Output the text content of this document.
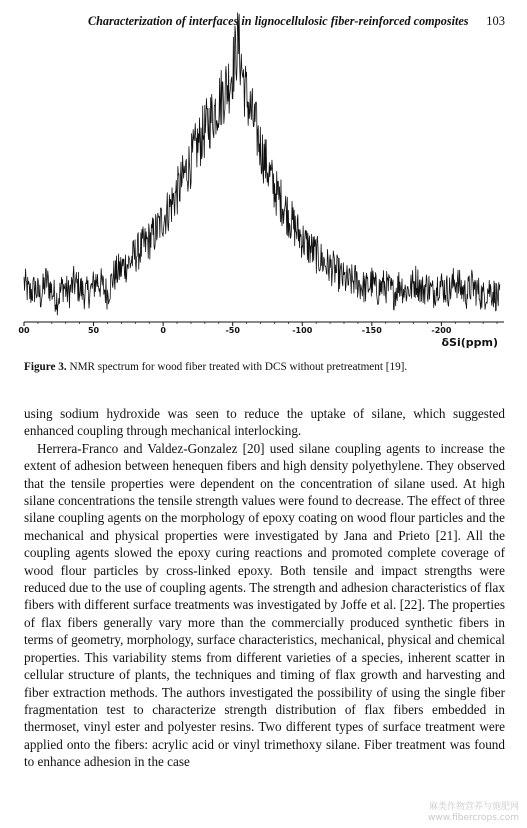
Characterization of interfaces in lignocellulosic fiber-reinforced composites 103
00	50	0	-50	-100	-150	-200
δSi(ppm)
Figure 3. NMR spectrum for wood fiber treated with DCS without pretreatment [19].

using sodium hydroxide was seen to reduce the uptake of silane, which suggested enhanced coupling through mechanical interlocking.

Herrera-Franco and Valdez-Gonzalez [20] used silane coupling agents to increase the extent of adhesion between henequen fibers and high density polyethylene. They observed that the tensile properties were dependent on the concentration of silane used. At high silane concentrations the tensile strength values were found to decrease. The effect of three silane coupling agents on the morphology of epoxy coating on wood flour particles and the mechanical and physical properties were investigated by Jana and Prieto [21]. All the coupling agents slowed the epoxy curing reactions and promoted complete coverage of wood flour particles by cross-linked epoxy. Both tensile and impact strengths were reduced due to the use of coupling agents. The strength and adhesion characteristics of flax fibers with different surface treatments was investigated by Joffe et al. [22]. The properties of flax fibers generally vary more than the commercially produced synthetic fibers in terms of geometry, morphology, surface characteristics, mechanical, physical and chemical properties. This variability stems from different varieties of a species, inherent scatter in cellular structure of plants, the techniques and timing of flax growth and harvesting and fiber extraction methods. The authors investigated the possibility of using the single fiber fragmentation test to characterize strength distribution of flax fibers embedded in thermoset, vinyl ester and polyester resins. Two different types of surface treatment were applied onto the fibers: acrylic acid or vinyl trimethoxy silane. Fiber treatment was found to enhance adhesion in the case

麻类作物营养与施肥网
www.fibercrops.com
